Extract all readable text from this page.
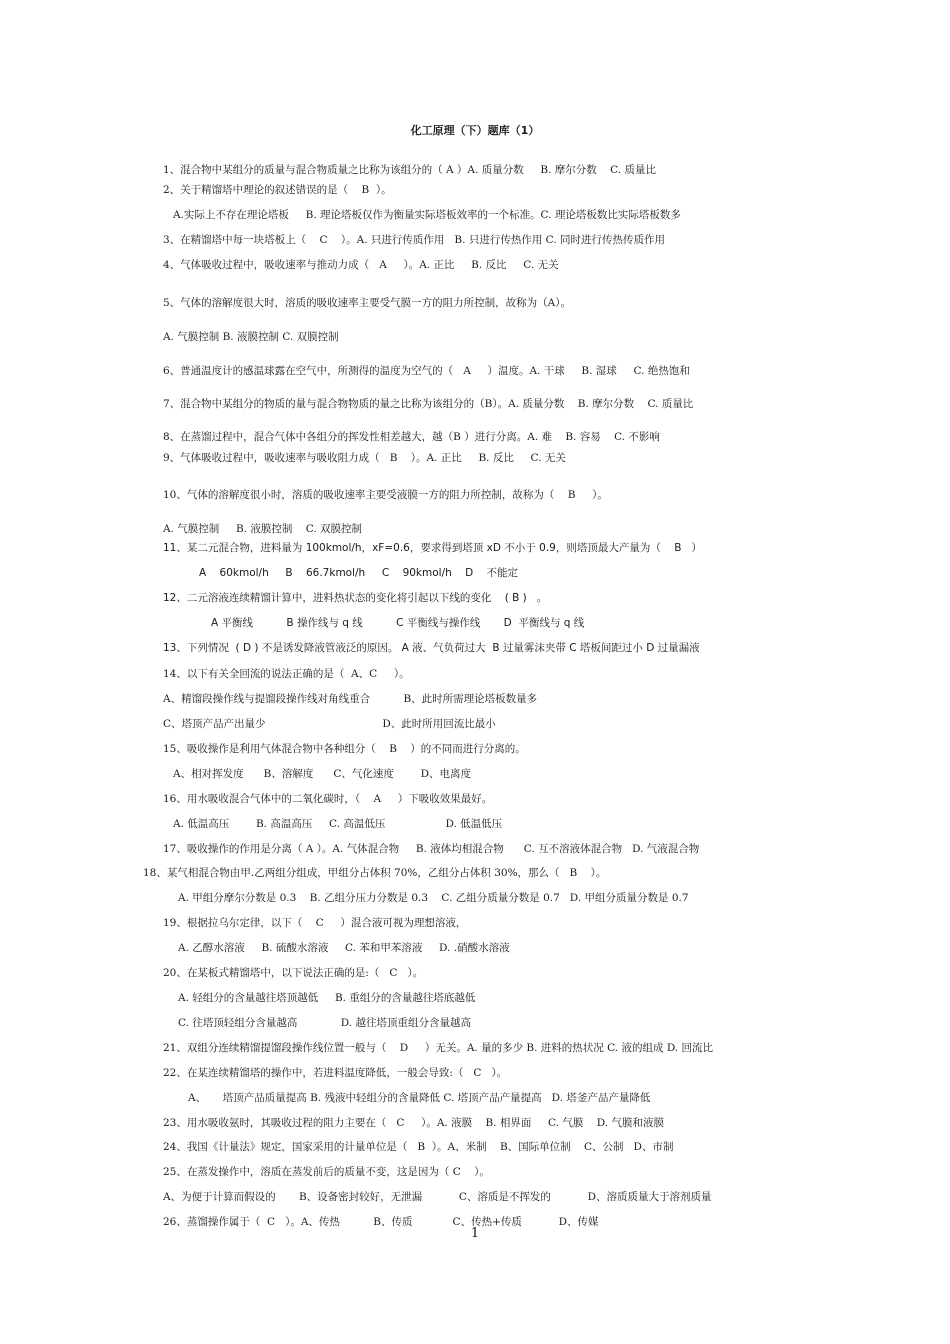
化工原理（下）题库（1）
1、混合物中某组分的质量与混合物质量之比称为该组分的（ A ）A. 质量分数     B. 摩尔分数    C. 质量比
2、关于精馏塔中理论的叙述错误的是（    B  ）。
A.实际上不存在理论塔板     B. 理论塔板仅作为衡量实际塔板效率的一个标准。C. 理论塔板数比实际塔板数多
3、在精馏塔中每一块塔板上（    C    ）。A. 只进行传质作用   B. 只进行传热作用 C. 同时进行传热传质作用
4、气体吸收过程中，吸收速率与推动力成（   A     ）。A. 正比     B. 反比     C. 无关
5、气体的溶解度很大时，溶质的吸收速率主要受气膜一方的阻力所控制，故称为（A）。
A. 气膜控制 B. 液膜控制 C. 双膜控制
6、普通温度计的感温球露在空气中，所测得的温度为空气的（   A     ）温度。A. 干球     B. 湿球     C. 绝热饱和
7、混合物中某组分的物质的量与混合物物质的量之比称为该组分的（B）。A. 质量分数    B. 摩尔分数    C. 质量比
8、在蒸馏过程中，混合气体中各组分的挥发性相差越大，越（B ）进行分离。A. 难    B. 容易    C. 不影响
9、气体吸收过程中，吸收速率与吸收阻力成（   B    ）。A. 正比     B. 反比     C. 无关
10、气体的溶解度很小时，溶质的吸收速率主要受液膜一方的阻力所控制，故称为（    B     ）。
A. 气膜控制     B. 液膜控制    C. 双膜控制
11、某二元混合物，进料量为 100kmol/h，xF=0.6，要求得到塔顶 xD 不小于 0.9，则塔顶最大产量为（    B   ）
A    60kmol/h     B    66.7kmol/h     C    90kmol/h    D    不能定
12、二元溶液连续精馏计算中，进料热状态的变化将引起以下线的变化    ( B )   。
A 平衡线          B 操作线与 q 线          C 平衡线与操作线       D  平衡线与 q 线
13、下列情况  ( D ) 不是诱发降液管液泛的原因。 A 液、气负荷过大  B 过量雾沫夹带 C 塔板间距过小 D 过量漏液
14、以下有关全回流的说法正确的是（  A、C     ）。
A、精馏段操作线与提馏段操作线对角线重合          B、此时所需理论塔板数量多
C、塔顶产品产出量少                                   D、此时所用回流比最小
15、吸收操作是利用气体混合物中各种组分（    B    ）的不同而进行分离的。
A、相对挥发度      B、溶解度      C、气化速度        D、电离度
16、用水吸收混合气体中的二氧化碳时，（    A     ）下吸收效果最好。
A. 低温高压        B. 高温高压     C. 高温低压                  D. 低温低压
17、吸收操作的作用是分离（ A ）。A. 气体混合物     B. 液体均相混合物      C. 互不溶液体混合物   D. 气液混合物
18、某气相混合物由甲.乙两组分组成，甲组分占体积 70%，乙组分占体积 30%，那么（   B    ）。
A. 甲组分摩尔分数是 0.3    B. 乙组分压力分数是 0.3    C. 乙组分质量分数是 0.7   D. 甲组分质量分数是 0.7
19、根据拉乌尔定律，以下（    C     ）混合液可视为理想溶液，
A. 乙醇水溶液     B. 硫酸水溶液     C. 苯和甲苯溶液     D. .硝酸水溶液
20、在某板式精馏塔中，以下说法正确的是:（   C   ）。
A. 轻组分的含量越往塔顶越低     B. 重组分的含量越往塔底越低
C. 往塔顶轻组分含量越高             D. 越往塔顶重组分含量越高
21、双组分连续精馏提馏段操作线位置一般与（    D     ）无关。A. 量的多少 B. 进料的热状况 C. 液的组成 D. 回流比
22、在某连续精馏塔的操作中，若进料温度降低，一般会导致:（   C   ）。
A、     塔顶产品质量提高 B. 残液中轻组分的含量降低 C. 塔顶产品产量提高   D. 塔釜产品产量降低
23、用水吸收氨时，其吸收过程的阻力主要在（   C     ）。A. 液膜    B. 相界面     C. 气膜    D. 气膜和液膜
24、我国《计量法》规定，国家采用的计量单位是（   B  ）。A、米制    B、国际单位制    C、公制   D、市制
25、在蒸发操作中，溶质在蒸发前后的质量不变，这是因为（ C    ）。
A、为便于计算而假设的       B、设备密封较好，无泄漏           C、溶质是不挥发的           D、溶质质量大于溶剂质量
26、蒸馏操作属于（  C   ）。A、传热          B、传质            C、传热+传质           D、传媒
1
